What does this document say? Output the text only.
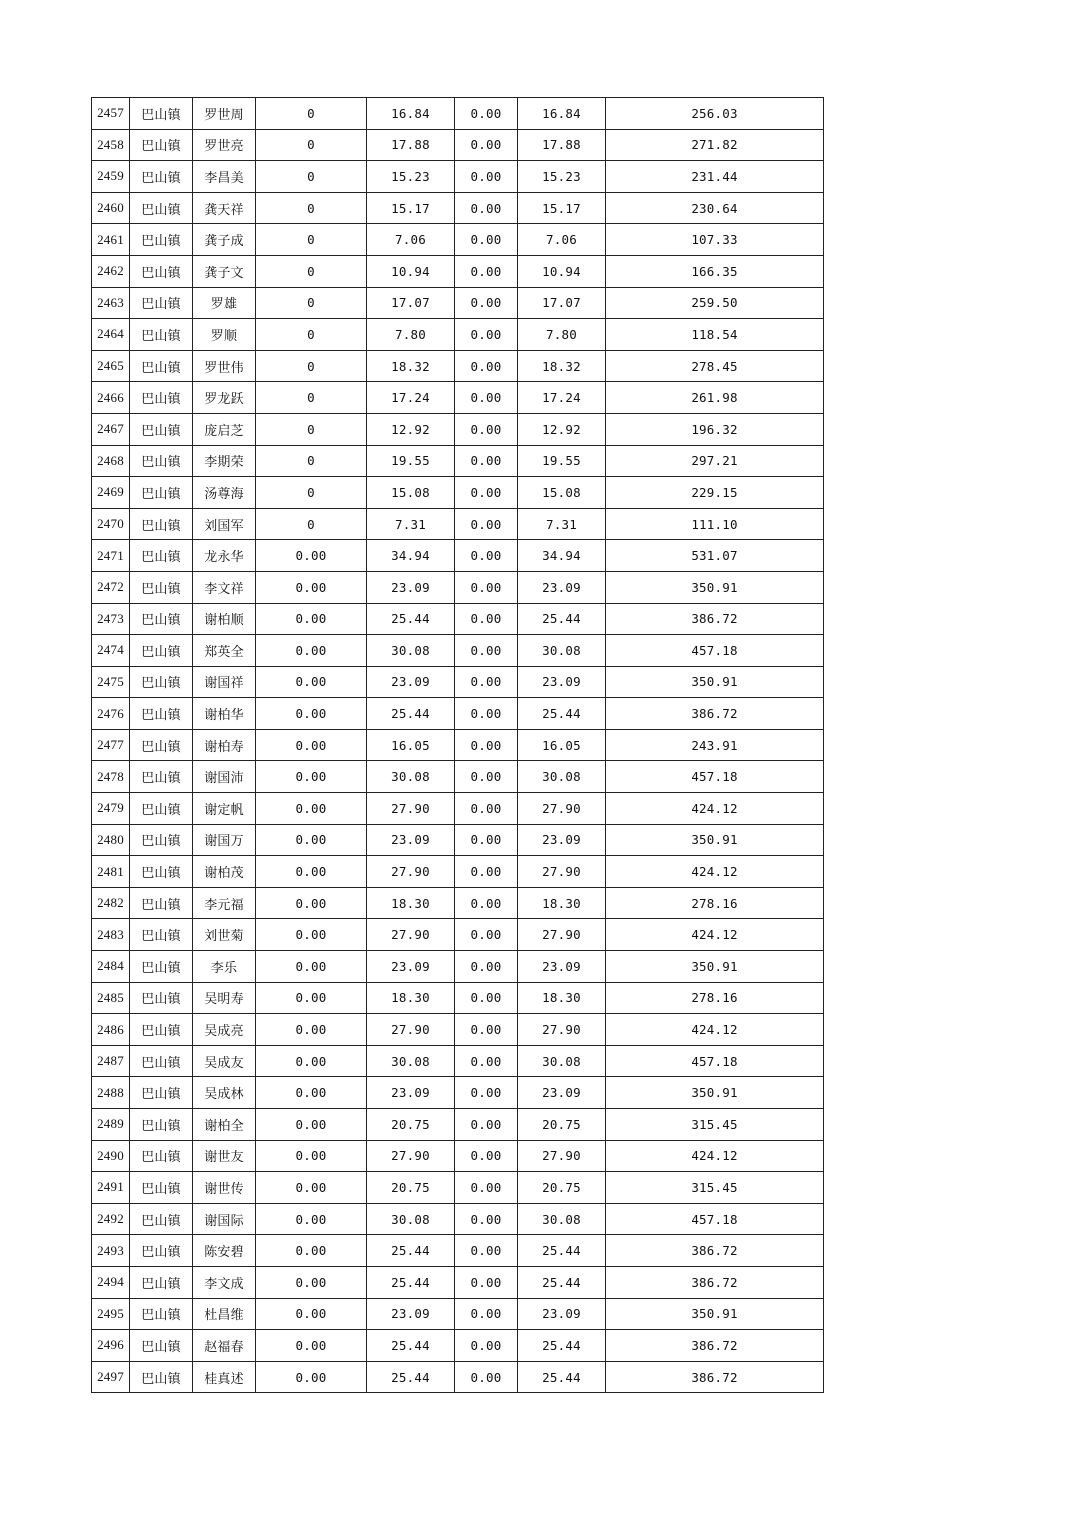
2457	巴山镇	罗世周	0	16.84	0.00	16.84	256.03
2458	巴山镇	罗世亮	0	17.88	0.00	17.88	271.82
2459	巴山镇	李昌美	0	15.23	0.00	15.23	231.44
2460	巴山镇	龚天祥	0	15.17	0.00	15.17	230.64
2461	巴山镇	龚子成	0	7.06	0.00	7.06	107.33
2462	巴山镇	龚子文	0	10.94	0.00	10.94	166.35
2463	巴山镇	罗雄	0	17.07	0.00	17.07	259.50
2464	巴山镇	罗顺	0	7.80	0.00	7.80	118.54
2465	巴山镇	罗世伟	0	18.32	0.00	18.32	278.45
2466	巴山镇	罗龙跃	0	17.24	0.00	17.24	261.98
2467	巴山镇	庞启芝	0	12.92	0.00	12.92	196.32
2468	巴山镇	李期荣	0	19.55	0.00	19.55	297.21
2469	巴山镇	汤尊海	0	15.08	0.00	15.08	229.15
2470	巴山镇	刘国军	0	7.31	0.00	7.31	111.10
2471	巴山镇	龙永华	0.00	34.94	0.00	34.94	531.07
2472	巴山镇	李文祥	0.00	23.09	0.00	23.09	350.91
2473	巴山镇	谢柏顺	0.00	25.44	0.00	25.44	386.72
2474	巴山镇	郑英全	0.00	30.08	0.00	30.08	457.18
2475	巴山镇	谢国祥	0.00	23.09	0.00	23.09	350.91
2476	巴山镇	谢柏华	0.00	25.44	0.00	25.44	386.72
2477	巴山镇	谢柏寿	0.00	16.05	0.00	16.05	243.91
2478	巴山镇	谢国沛	0.00	30.08	0.00	30.08	457.18
2479	巴山镇	谢定帆	0.00	27.90	0.00	27.90	424.12
2480	巴山镇	谢国万	0.00	23.09	0.00	23.09	350.91
2481	巴山镇	谢柏茂	0.00	27.90	0.00	27.90	424.12
2482	巴山镇	李元福	0.00	18.30	0.00	18.30	278.16
2483	巴山镇	刘世菊	0.00	27.90	0.00	27.90	424.12
2484	巴山镇	李乐	0.00	23.09	0.00	23.09	350.91
2485	巴山镇	吴明寿	0.00	18.30	0.00	18.30	278.16
2486	巴山镇	吴成亮	0.00	27.90	0.00	27.90	424.12
2487	巴山镇	吴成友	0.00	30.08	0.00	30.08	457.18
2488	巴山镇	吴成林	0.00	23.09	0.00	23.09	350.91
2489	巴山镇	谢柏全	0.00	20.75	0.00	20.75	315.45
2490	巴山镇	谢世友	0.00	27.90	0.00	27.90	424.12
2491	巴山镇	谢世传	0.00	20.75	0.00	20.75	315.45
2492	巴山镇	谢国际	0.00	30.08	0.00	30.08	457.18
2493	巴山镇	陈安碧	0.00	25.44	0.00	25.44	386.72
2494	巴山镇	李文成	0.00	25.44	0.00	25.44	386.72
2495	巴山镇	杜昌维	0.00	23.09	0.00	23.09	350.91
2496	巴山镇	赵福春	0.00	25.44	0.00	25.44	386.72
2497	巴山镇	桂真述	0.00	25.44	0.00	25.44	386.72
